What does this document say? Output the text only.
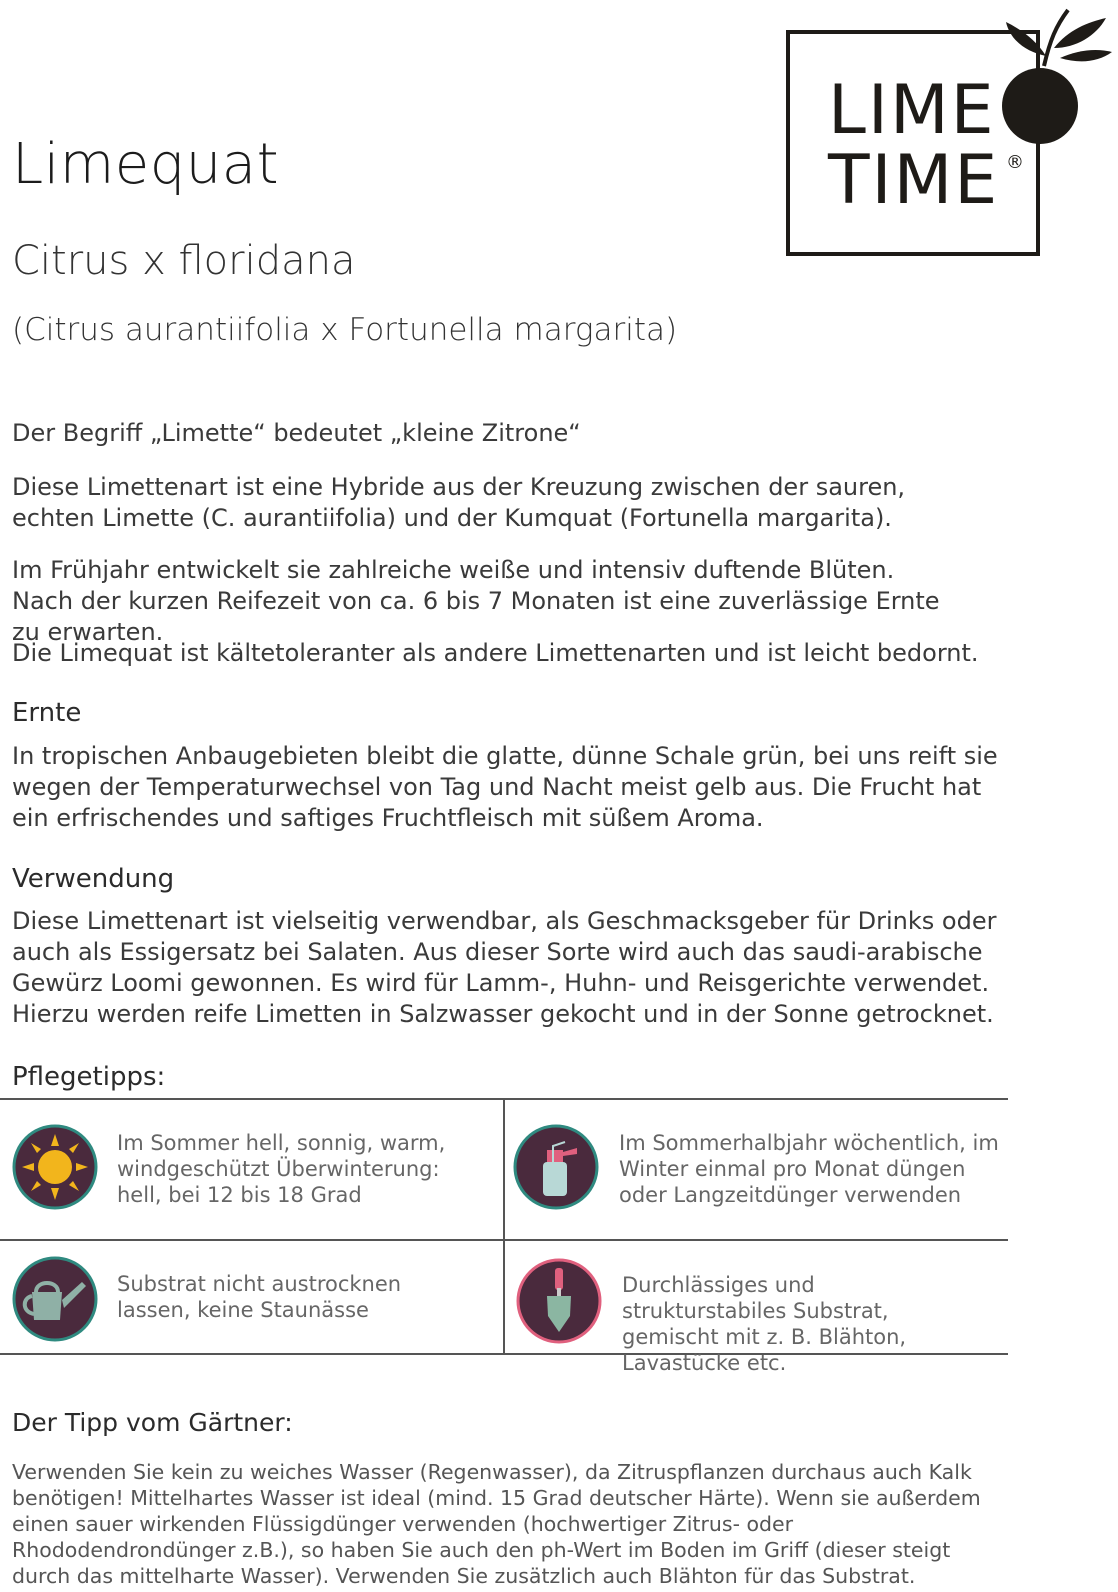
LIME
TIME ®
Limequat
Citrus x floridana
(Citrus aurantiifolia x Fortunella margarita)

Der Begriff „Limette“ bedeutet „kleine Zitrone“

Diese Limettenart ist eine Hybride aus der Kreuzung zwischen der sauren, echten Limette (C. aurantiifolia) und der Kumquat (Fortunella margarita).

Im Frühjahr entwickelt sie zahlreiche weiße und intensiv duftende Blüten. Nach der kurzen Reifezeit von ca. 6 bis 7 Monaten ist eine zuverlässige Ernte zu erwarten.

Die Limequat ist kältetoleranter als andere Limettenarten und ist leicht bedornt.

Ernte

In tropischen Anbaugebieten bleibt die glatte, dünne Schale grün, bei uns reift sie wegen der Temperaturwechsel von Tag und Nacht meist gelb aus. Die Frucht hat ein erfrischendes und saftiges Fruchtfleisch mit süßem Aroma.

Verwendung

Diese Limettenart ist vielseitig verwendbar, als Geschmacksgeber für Drinks oder auch als Essigersatz bei Salaten. Aus dieser Sorte wird auch das saudi-arabische Gewürz Loomi gewonnen. Es wird für Lamm-, Huhn- und Reisgerichte verwendet. Hierzu werden reife Limetten in Salzwasser gekocht und in der Sonne getrocknet.

Pflegetipps:

Im Sommer hell, sonnig, warm, windgeschützt Überwinterung: hell, bei 12 bis 18 Grad

Im Sommerhalbjahr wöchentlich, im Winter einmal pro Monat düngen oder Langzeitdünger verwenden

Substrat nicht austrocknen lassen, keine Staunässe

Durchlässiges und strukturstabiles Substrat, gemischt mit z. B. Blähton, Lavastücke etc.

Der Tipp vom Gärtner:

Verwenden Sie kein zu weiches Wasser (Regenwasser), da Zitruspflanzen durchaus auch Kalk benötigen! Mittelhartes Wasser ist ideal (mind. 15 Grad deutscher Härte). Wenn sie außerdem einen sauer wirkenden Flüssigdünger verwenden (hochwertiger Zitrus- oder Rhododendrondünger z.B.), so haben Sie auch den ph-Wert im Boden im Griff (dieser steigt durch das mittelharte Wasser). Verwenden Sie zusätzlich auch Blähton für das Substrat.
